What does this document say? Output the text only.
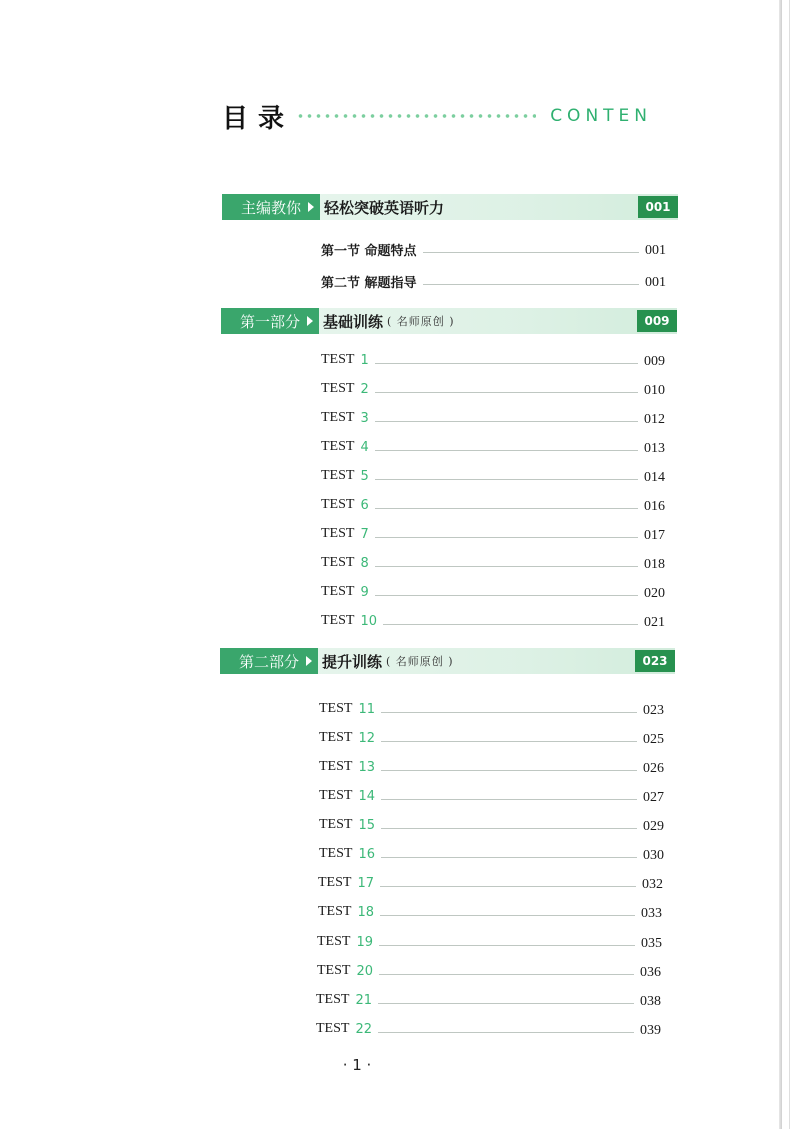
目录	CONTEN
主编教你	轻松突破英语听力	001
第一节 命题特点	001
第二节 解题指导	001
第一部分	基础训练 ( 名师原创 )	009
TEST 1	009
TEST 2	010
TEST 3	012
TEST 4	013
TEST 5	014
TEST 6	016
TEST 7	017
TEST 8	018
TEST 9	020
TEST 10	021
第二部分	提升训练 ( 名师原创 )	023
TEST 11	023
TEST 12	025
TEST 13	026
TEST 14	027
TEST 15	029
TEST 16	030
TEST 17	032
TEST 18	033
TEST 19	035
TEST 20	036
TEST 21	038
TEST 22	039
· 1 ·
